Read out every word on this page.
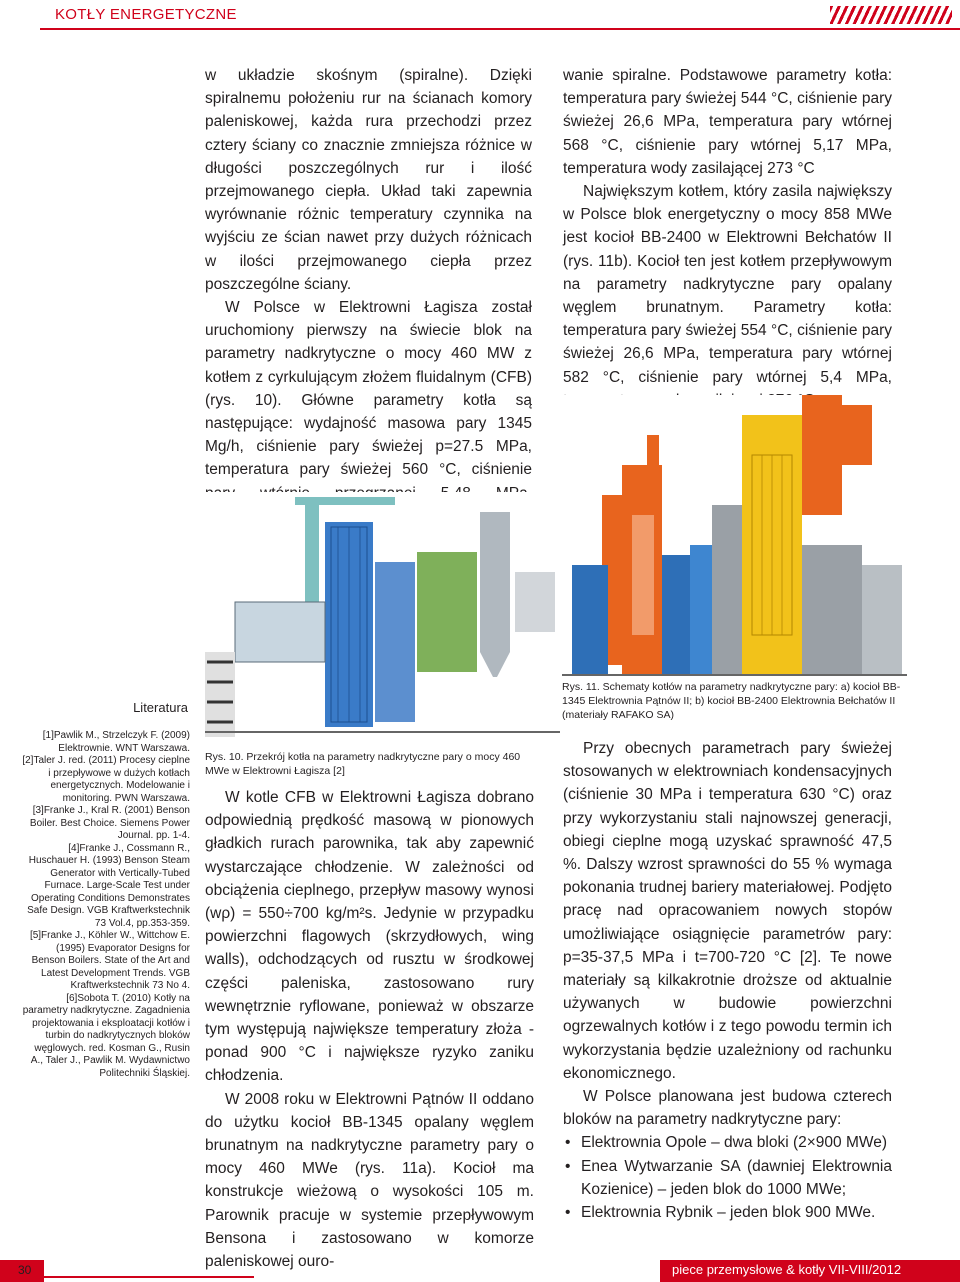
KOTŁY ENERGETYCZNE

w układzie skośnym (spiralne). Dzięki spiralnemu położeniu rur na ścianach komory paleniskowej, każda rura przechodzi przez cztery ściany co znacznie zmniejsza różnice w długości poszczególnych rur i ilość przejmowanego ciepła. Układ taki zapewnia wyrównanie różnic temperatury czynnika na wyjściu ze ścian nawet przy dużych różnicach w ilości przejmowanego ciepła przez poszczególne ściany.

W Polsce w Elektrowni Łagisza został uruchomiony pierwszy na świecie blok na parametry nadkrytyczne o mocy 460 MW z kotłem z cyrkulującym złożem fluidalnym (CFB) (rys. 10). Główne parametry kotła są następujące: wydajność masowa pary 1345 Mg/h, ciśnienie pary świeżej p=27.5 MPa, temperatura pary świeżej 560 °C, ciśnienie

wanie spiralne. Podstawowe parametry kotła: temperatura pary świeżej 544 °C, ciśnienie pary świeżej 26,6 MPa, temperatura pary wtórnej 568 °C, ciśnienie pary wtórnej 5,17 MPa, temperatura wody zasilającej 273 °C

Największym kotłem, który zasila największy w Polsce blok energetyczny o mocy 858 MWe jest kocioł BB-2400 w Elektrowni Bełchatów II (rys. 11b). Kocioł ten jest kotłem przepływowym na parametry nadkrytyczne pary opalany węglem brunatnym. Parametry kotła: temperatura pary świeżej 554 °C, ciśnienie pary świeżej 26,6 MPa, temperatura pary wtórnej 582 °C, ciśnienie pary wtórnej 5,4 MPa,

Rys. 11. Schematy kotłów na parametry nadkrytyczne pary: a) kocioł BB-1345 Elektrownia Pątnów II; b) kocioł BB-2400 Elektrownia Bełchatów II (materiały RAFAKO SA)
Rys. 10. Przekrój kotła na parametry nadkrytyczne pary o mocy 460 MWe w Elektrowni Łagisza [2]

W kotle CFB w Elektrowni Łagisza dobrano odpowiednią prędkość masową w pionowych gładkich rurach parownika, tak aby zapewnić wystarczające chłodzenie. W zależności od obciążenia cieplnego, przepływ masowy wynosi (wρ) = 550÷700 kg/m²s. Jedynie w przypadku powierzchni flagowych (skrzydłowych, wing walls), odchodzących od rusztu w środkowej części paleniska, zastosowano rury wewnętrznie ryflowane, ponieważ w obszarze tym występują największe temperatury złoża - ponad 900 °C i największe ryzyko zaniku chłodzenia.

W 2008 roku w Elektrowni Pątnów II oddano do użytku kocioł BB-1345 opalany węglem brunatnym na nadkrytyczne parametry pary o mocy 460 MWe (rys. 11a). Kocioł ma konstrukcje wieżową o wysokości 105 m. Parownik pracuje w systemie przepływowym Bensona i zastosowano w komorze paleniskowej ouro-

Przy obecnych parametrach pary świeżej stosowanych w elektrowniach kondensacyjnych (ciśnienie 30 MPa i temperatura 630 °C) oraz przy wykorzystaniu stali najnowszej generacji, obiegi cieplne mogą uzyskać sprawność 47,5 %. Dalszy wzrost sprawności do 55 % wymaga pokonania trudnej bariery materiałowej. Podjęto pracę nad opracowaniem nowych stopów umożliwiające osiągnięcie parametrów pary: p=35-37,5 MPa i t=700-720 °C [2]. Te nowe materiały są kilkakrotnie droższe od aktualnie używanych w budowie powierzchni ogrzewalnych kotłów i z tego powodu termin ich wykorzystania będzie uzależniony od rachunku ekonomicznego.

W Polsce planowana jest budowa czterech bloków na parametry nadkrytyczne pary:

• Elektrownia Opole – dwa bloki (2×900 MWe)
• Enea Wytwarzanie SA (dawniej Elektrownia Kozienice) – jeden blok do 1000 MWe;
• Elektrownia Rybnik – jeden blok 900 MWe.
Literatura
[1]Pawlik M., Strzelczyk F. (2009) Elektrownie. WNT Warszawa.
[2]Taler J. red. (2011) Procesy cieplne i przepływowe w dużych kotłach energetycznych. Modelowanie i monitoring. PWN Warszawa.
[3]Franke J., Kral R. (2001) Benson Boiler. Best Choice. Siemens Power Journal. pp. 1-4.
[4]Franke J., Cossmann R., Huschauer H. (1993) Benson Steam Generator with Vertically-Tubed Furnace. Large-Scale Test under Operating Conditions Demonstrates Safe Design. VGB Kraftwerkstechnik 73 Vol.4, pp.353-359.
[5]Franke J., Köhler W., Wittchow E. (1995) Evaporator Designs for Benson Boilers. State of the Art and Latest Development Trends. VGB Kraftwerkstechnik 73 No 4.
[6]Sobota T. (2010) Kotły na parametry nadkrytyczne. Zagadnienia projektowania i eksploatacji kotłów i turbin do nadkrytycznych bloków węglowych. red. Kosman G., Rusin A., Taler J., Pawlik M. Wydawnictwo Politechniki Śląskiej.
30	piece przemysłowe & kotły VII-VIII/2012
